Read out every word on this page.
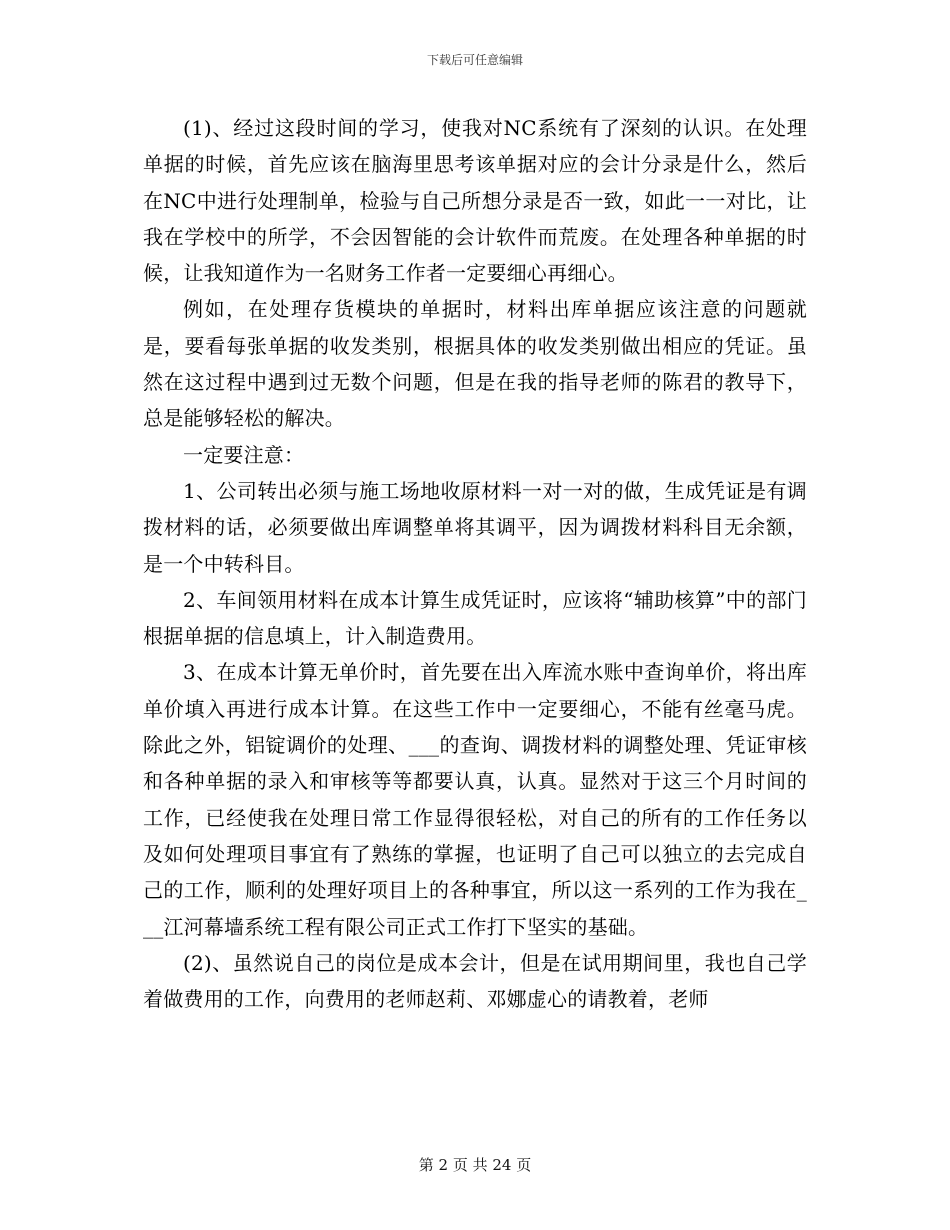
下载后可任意编辑

(1)、经过这段时间的学习，使我对NC系统有了深刻的认识。在处理单据的时候，首先应该在脑海里思考该单据对应的会计分录是什么，然后在NC中进行处理制单，检验与自己所想分录是否一致，如此一一对比，让我在学校中的所学，不会因智能的会计软件而荒废。在处理各种单据的时候，让我知道作为一名财务工作者一定要细心再细心。

例如，在处理存货模块的单据时，材料出库单据应该注意的问题就是，要看每张单据的收发类别，根据具体的收发类别做出相应的凭证。虽然在这过程中遇到过无数个问题，但是在我的指导老师的陈君的教导下，总是能够轻松的解决。

一定要注意：

1、公司转出必须与施工场地收原材料一对一对的做，生成凭证是有调拨材料的话，必须要做出库调整单将其调平，因为调拨材料科目无余额，是一个中转科目。

2、车间领用材料在成本计算生成凭证时，应该将“辅助核算”中的部门根据单据的信息填上，计入制造费用。

3、在成本计算无单价时，首先要在出入库流水账中查询单价，将出库单价填入再进行成本计算。在这些工作中一定要细心，不能有丝毫马虎。除此之外，铝锭调价的处理、___的查询、调拨材料的调整处理、凭证审核和各种单据的录入和审核等等都要认真，认真。显然对于这三个月时间的工作，已经使我在处理日常工作显得很轻松，对自己的所有的工作任务以及如何处理项目事宜有了熟练的掌握，也证明了自己可以独立的去完成自己的工作，顺利的处理好项目上的各种事宜，所以这一系列的工作为我在___江河幕墙系统工程有限公司正式工作打下坚实的基础。

(2)、虽然说自己的岗位是成本会计，但是在试用期间里，我也自己学着做费用的工作，向费用的老师赵莉、邓娜虚心的请教着，老师

第 2 页 共 24 页
